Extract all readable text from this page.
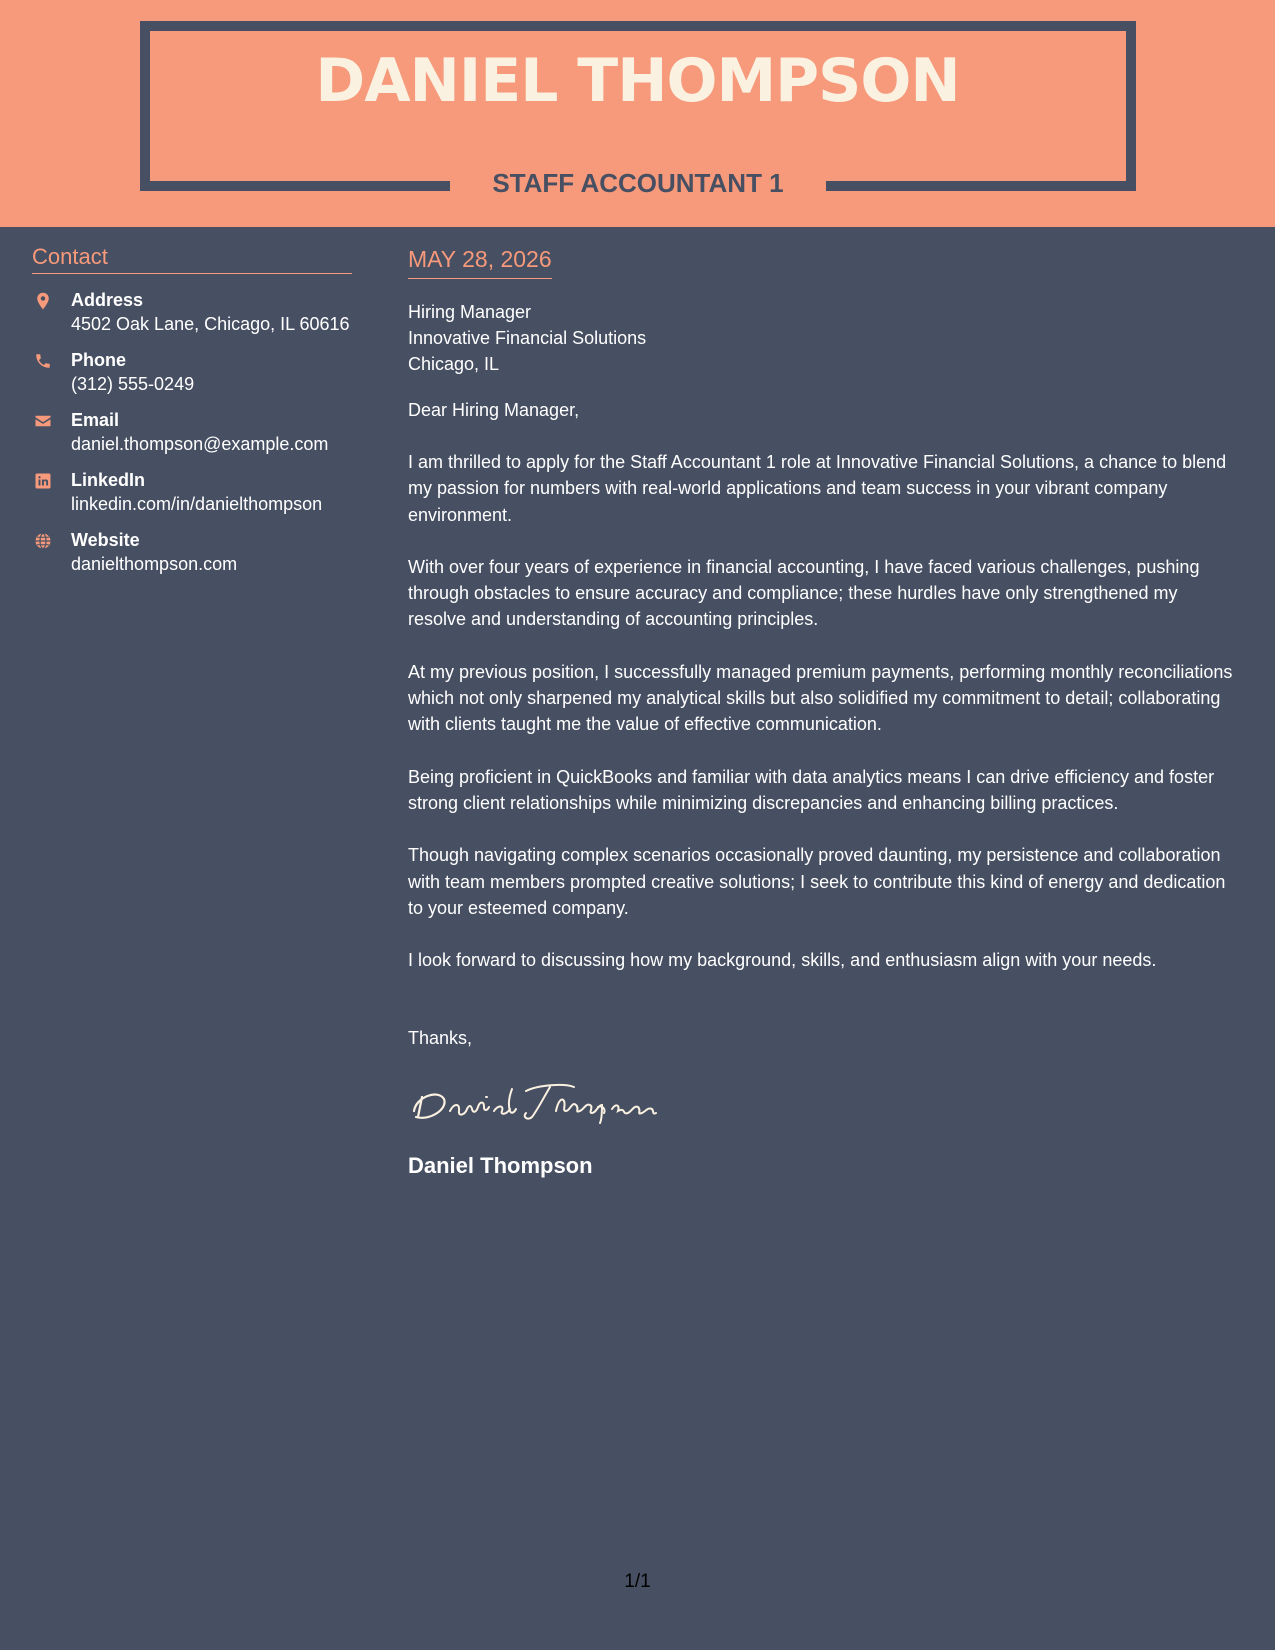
DANIEL THOMPSON
STAFF ACCOUNTANT 1
Contact
Address
4502 Oak Lane, Chicago, IL 60616
Phone
(312) 555-0249
Email
daniel.thompson@example.com
LinkedIn
linkedin.com/in/danielthompson
Website
danielthompson.com
MAY 28, 2026
Hiring Manager
Innovative Financial Solutions
Chicago, IL
Dear Hiring Manager,

I am thrilled to apply for the Staff Accountant 1 role at Innovative Financial Solutions, a chance to blend my passion for numbers with real-world applications and team success in your vibrant company environment.

With over four years of experience in financial accounting, I have faced various challenges, pushing through obstacles to ensure accuracy and compliance; these hurdles have only strengthened my resolve and understanding of accounting principles.

At my previous position, I successfully managed premium payments, performing monthly reconciliations which not only sharpened my analytical skills but also solidified my commitment to detail; collaborating with clients taught me the value of effective communication.

Being proficient in QuickBooks and familiar with data analytics means I can drive efficiency and foster strong client relationships while minimizing discrepancies and enhancing billing practices.

Though navigating complex scenarios occasionally proved daunting, my persistence and collaboration with team members prompted creative solutions; I seek to contribute this kind of energy and dedication to your esteemed company.

I look forward to discussing how my background, skills, and enthusiasm align with your needs.

Thanks,
Daniel Thompson
1/1
